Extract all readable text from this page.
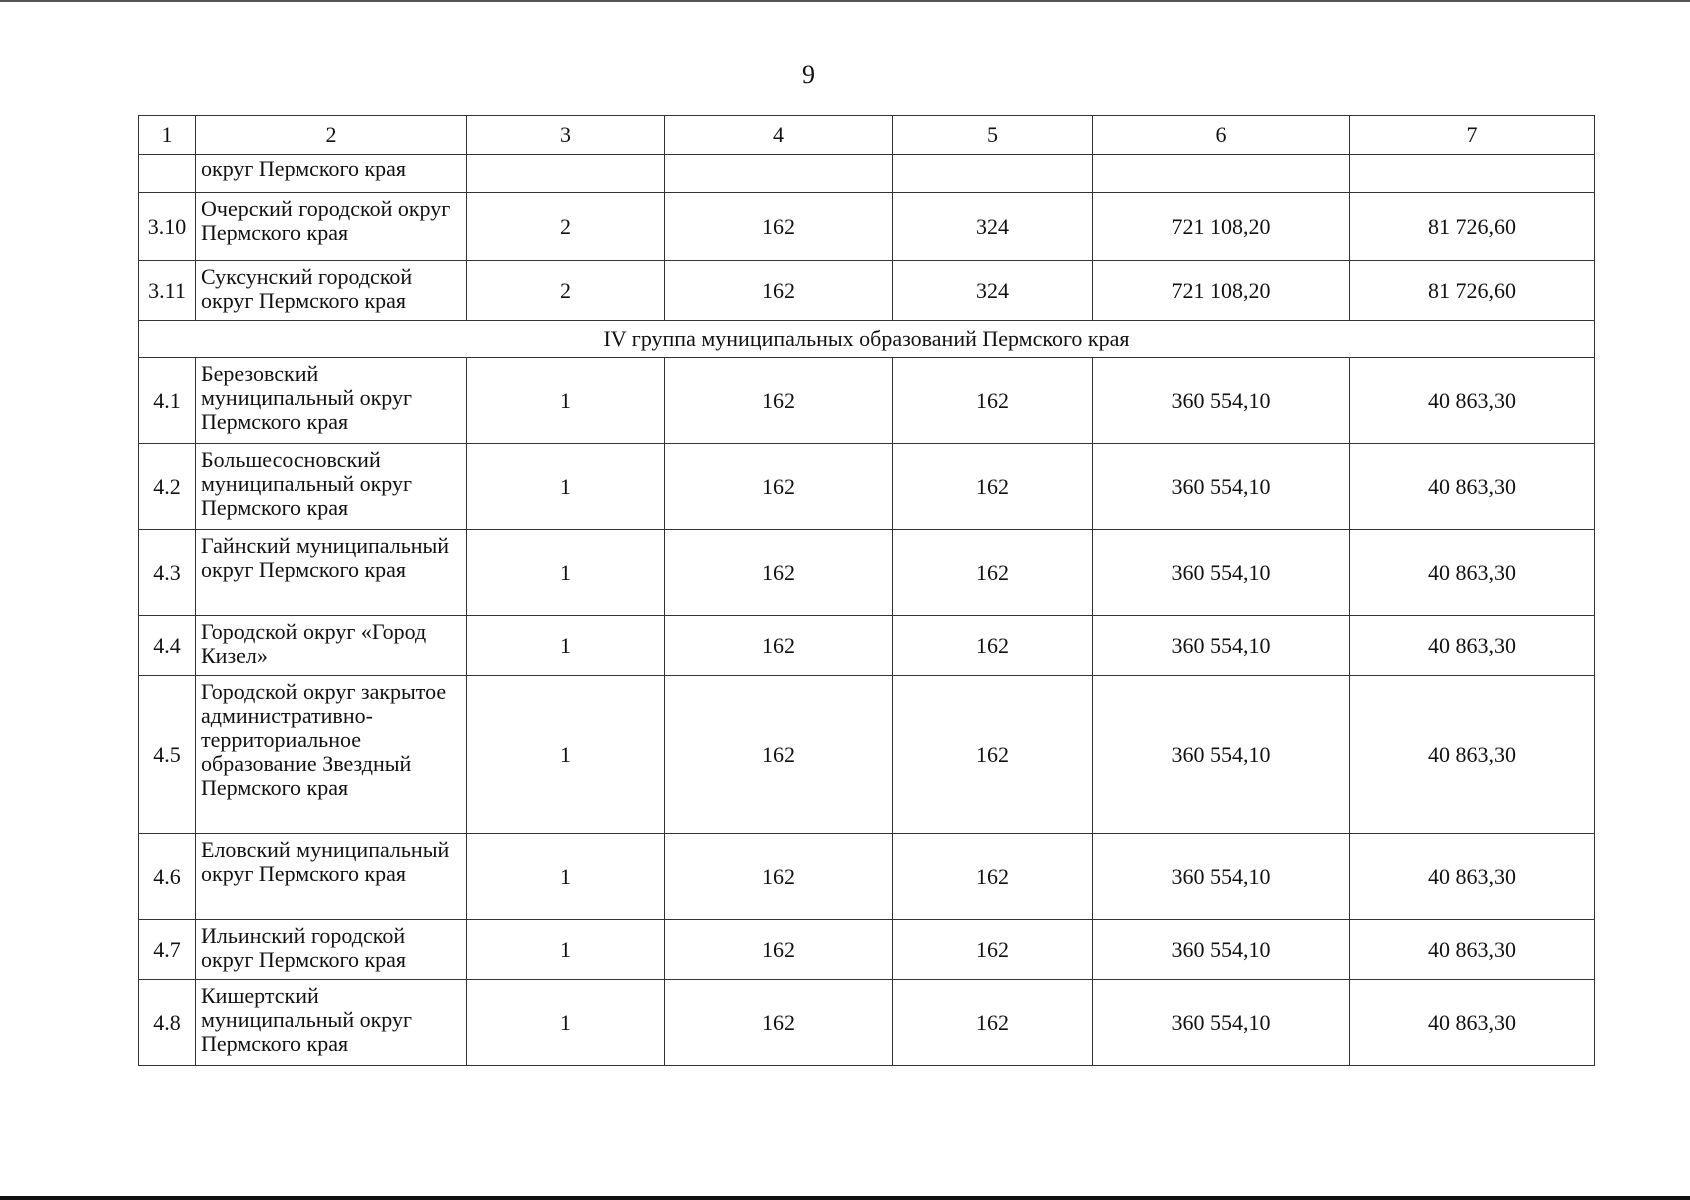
9
1	2	3	4	5	6	7
	округ Пермского края					
3.10	Очерский городской округ Пермского края	2	162	324	721 108,20	81 726,60
3.11	Суксунский городской округ Пермского края	2	162	324	721 108,20	81 726,60
IV группа муниципальных образований Пермского края						
4.1	Березовский муниципальный округ Пермского края	1	162	162	360 554,10	40 863,30
4.2	Большесосновский муниципальный округ Пермского края	1	162	162	360 554,10	40 863,30
4.3	Гайнский муниципальный округ Пермского края	1	162	162	360 554,10	40 863,30
4.4	Городской округ «Город Кизел»	1	162	162	360 554,10	40 863,30
4.5	Городской округ закрытое административно-территориальное образование Звездный Пермского края	1	162	162	360 554,10	40 863,30
4.6	Еловский муниципальный округ Пермского края	1	162	162	360 554,10	40 863,30
4.7	Ильинский городской округ Пермского края	1	162	162	360 554,10	40 863,30
4.8	Кишертский муниципальный округ Пермского края	1	162	162	360 554,10	40 863,30
